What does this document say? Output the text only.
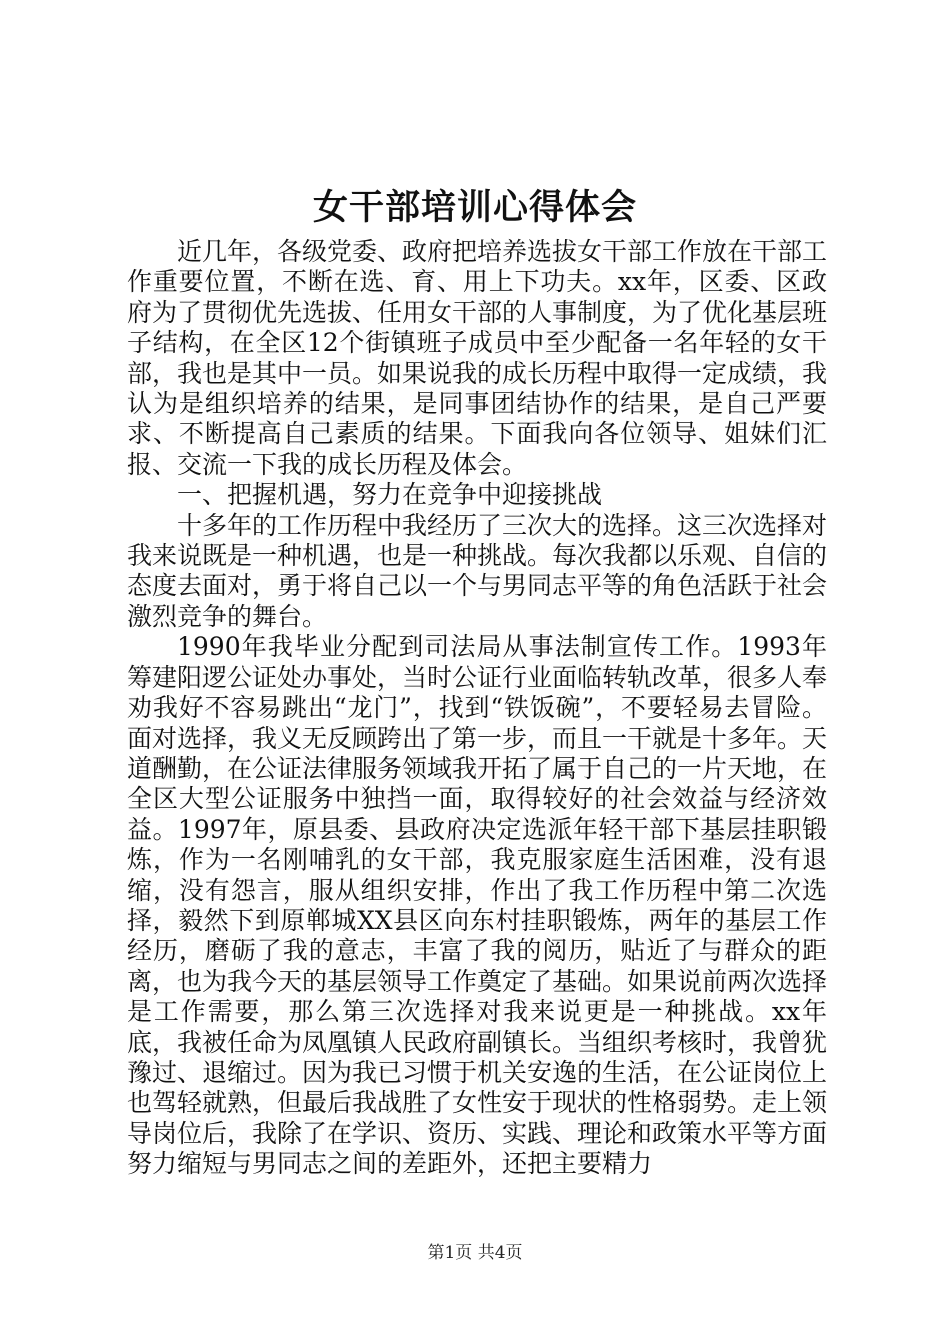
女干部培训心得体会

近几年，各级党委、政府把培养选拔女干部工作放在干部工作重要位置，不断在选、育、用上下功夫。xx年，区委、区政府为了贯彻优先选拔、任用女干部的人事制度，为了优化基层班子结构，在全区12个街镇班子成员中至少配备一名年轻的女干部，我也是其中一员。如果说我的成长历程中取得一定成绩，我认为是组织培养的结果，是同事团结协作的结果，是自己严要求、不断提高自己素质的结果。下面我向各位领导、姐妹们汇报、交流一下我的成长历程及体会。

一、把握机遇，努力在竞争中迎接挑战

十多年的工作历程中我经历了三次大的选择。这三次选择对我来说既是一种机遇，也是一种挑战。每次我都以乐观、自信的态度去面对，勇于将自己以一个与男同志平等的角色活跃于社会激烈竞争的舞台。

1990年我毕业分配到司法局从事法制宣传工作。1993年筹建阳逻公证处办事处，当时公证行业面临转轨改革，很多人奉劝我好不容易跳出“龙门”，找到“铁饭碗”，不要轻易去冒险。面对选择，我义无反顾跨出了第一步，而且一干就是十多年。天道酬勤，在公证法律服务领域我开拓了属于自己的一片天地，在全区大型公证服务中独挡一面，取得较好的社会效益与经济效益。1997年，原县委、县政府决定选派年轻干部下基层挂职锻炼，作为一名刚哺乳的女干部，我克服家庭生活困难，没有退缩，没有怨言，服从组织安排，作出了我工作历程中第二次选择，毅然下到原郸城XX县区向东村挂职锻炼，两年的基层工作经历，磨砺了我的意志，丰富了我的阅历，贴近了与群众的距离，也为我今天的基层领导工作奠定了基础。如果说前两次选择是工作需要，那么第三次选择对我来说更是一种挑战。xx年底，我被任命为凤凰镇人民政府副镇长。当组织考核时，我曾犹豫过、退缩过。因为我已习惯于机关安逸的生活，在公证岗位上也驾轻就熟，但最后我战胜了女性安于现状的性格弱势。走上领导岗位后，我除了在学识、资历、实践、理论和政策水平等方面努力缩短与男同志之间的差距外，还把主要精力

第1页 共4页
